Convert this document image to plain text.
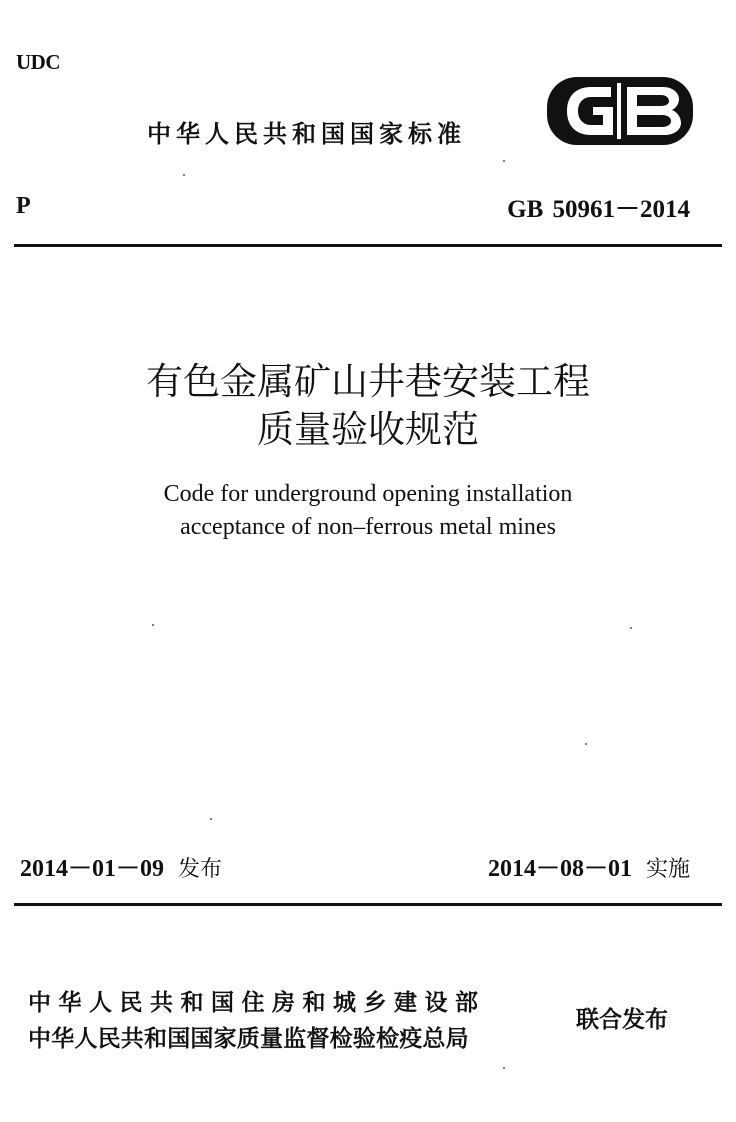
UDC
中华人民共和国国家标准
P	GB 50961－2014
有色金属矿山井巷安装工程
质量验收规范
Code for underground opening installation
acceptance of non–ferrous metal mines
2014－01－09 发布	2014－08－01 实施
中华人民共和国住房和城乡建设部
中华人民共和国国家质量监督检验检疫总局
联合发布
